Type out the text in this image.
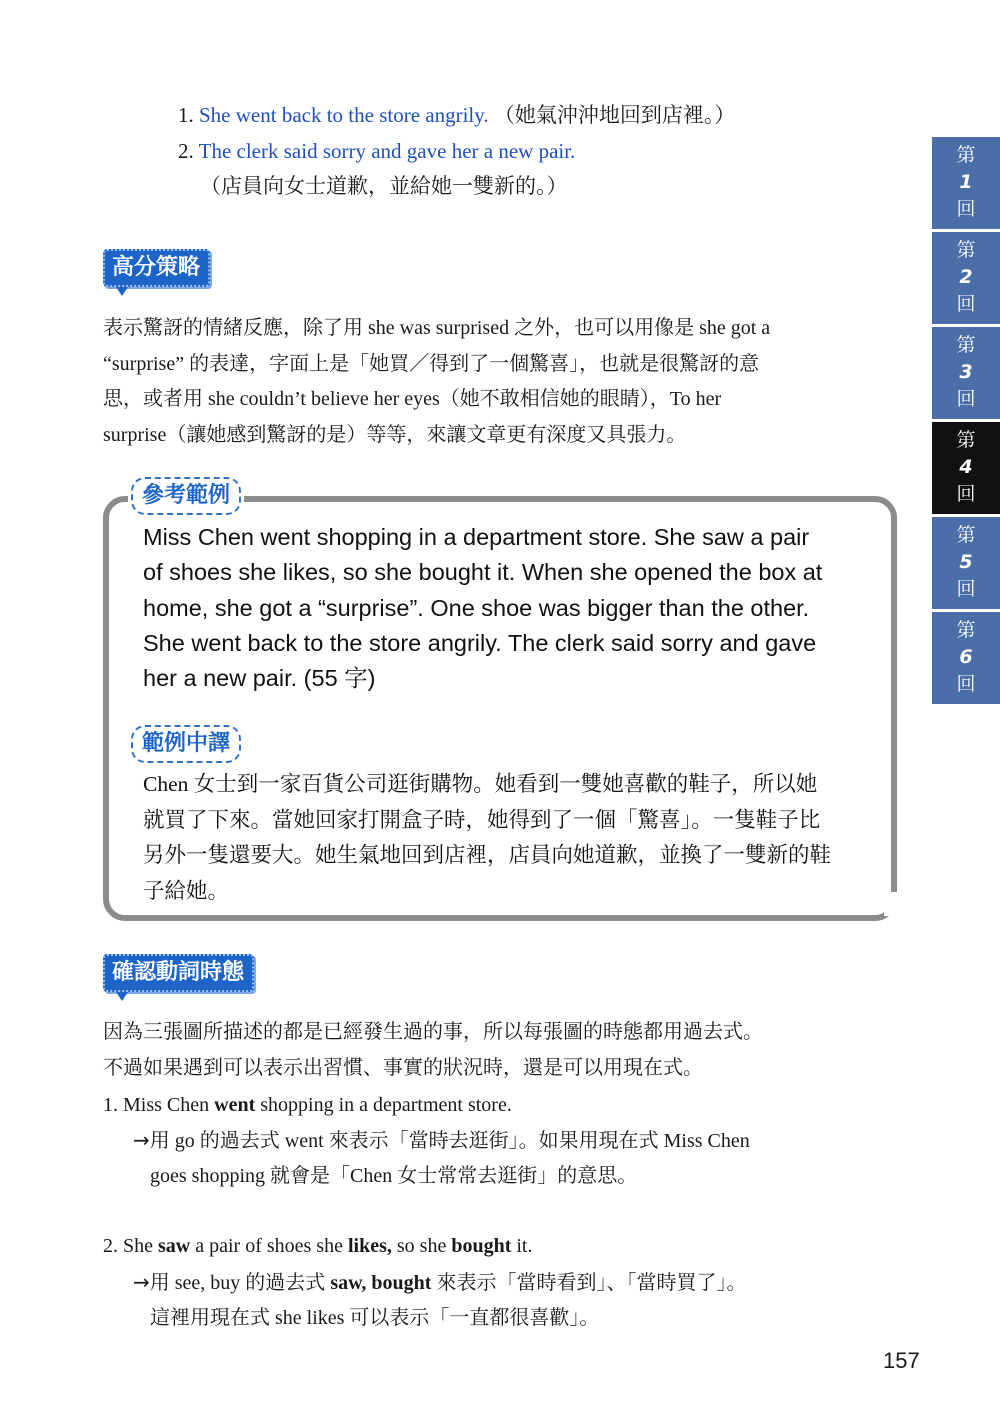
1. She went back to the store angrily. （她氣沖沖地回到店裡。）
2. The clerk said sorry and gave her a new pair.
（店員向女士道歉，並給她一雙新的。）
高分策略
表示驚訝的情緒反應，除了用 she was surprised 之外，也可以用像是 she got a
“surprise” 的表達，字面上是「她買／得到了一個驚喜」，也就是很驚訝的意
思，或者用 she couldn’t believe her eyes（她不敢相信她的眼睛），To her
surprise（讓她感到驚訝的是）等等，來讓文章更有深度又具張力。
參考範例
Miss Chen went shopping in a department store. She saw a pair
of shoes she likes, so she bought it. When she opened the box at
home, she got a “surprise”. One shoe was bigger than the other.
She went back to the store angrily. The clerk said sorry and gave
her a new pair. (55 字)
範例中譯
Chen 女士到一家百貨公司逛街購物。她看到一雙她喜歡的鞋子，所以她
就買了下來。當她回家打開盒子時，她得到了一個「驚喜」。一隻鞋子比
另外一隻還要大。她生氣地回到店裡，店員向她道歉，並換了一雙新的鞋
子給她。
確認動詞時態
因為三張圖所描述的都是已經發生過的事，所以每張圖的時態都用過去式。
不過如果遇到可以表示出習慣、事實的狀況時，還是可以用現在式。
1. Miss Chen went shopping in a department store.
→用 go 的過去式 went 來表示「當時去逛街」。如果用現在式 Miss Chen
goes shopping 就會是「Chen 女士常常去逛街」的意思。
2. She saw a pair of shoes she likes, so she bought it.
→用 see, buy 的過去式 saw, bought 來表示「當時看到」、「當時買了」。
這裡用現在式 she likes 可以表示「一直都很喜歡」。
第
1
回
第
2
回
第
3
回
第
4
回
第
5
回
第
6
回
157
